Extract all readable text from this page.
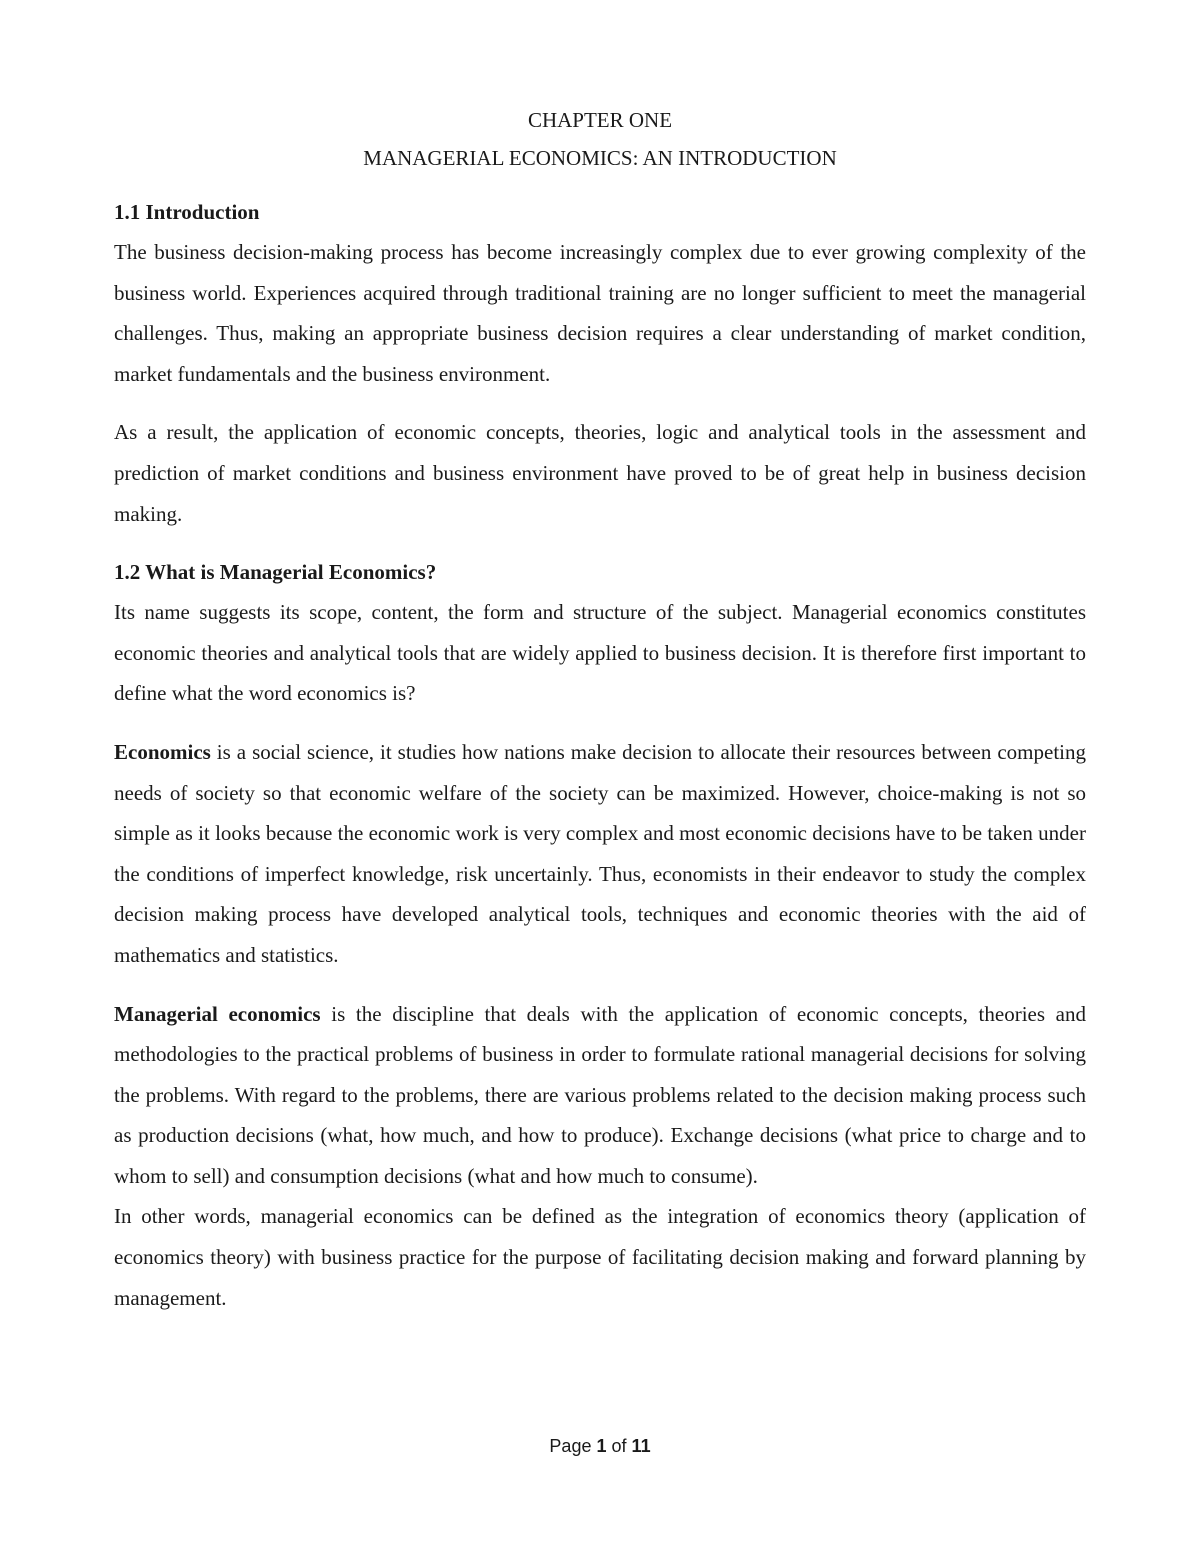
CHAPTER ONE
MANAGERIAL ECONOMICS: AN INTRODUCTION
1.1 Introduction

The business decision-making process has become increasingly complex due to ever growing complexity of the business world. Experiences acquired through traditional training are no longer sufficient to meet the managerial challenges. Thus, making an appropriate business decision requires a clear understanding of market condition, market fundamentals and the business environment.

As a result, the application of economic concepts, theories, logic and analytical tools in the assessment and prediction of market conditions and business environment have proved to be of great help in business decision making.

1.2 What is Managerial Economics?

Its name suggests its scope, content, the form and structure of the subject. Managerial economics constitutes economic theories and analytical tools that are widely applied to business decision. It is therefore first important to define what the word economics is?

Economics is a social science, it studies how nations make decision to allocate their resources between competing needs of society so that economic welfare of the society can be maximized. However, choice-making is not so simple as it looks because the economic work is very complex and most economic decisions have to be taken under the conditions of imperfect knowledge, risk uncertainly. Thus, economists in their endeavor to study the complex decision making process have developed analytical tools, techniques and economic theories with the aid of mathematics and statistics.

Managerial economics is the discipline that deals with the application of economic concepts, theories and methodologies to the practical problems of business in order to formulate rational managerial decisions for solving the problems. With regard to the problems, there are various problems related to the decision making process such as production decisions (what, how much, and how to produce). Exchange decisions (what price to charge and to whom to sell) and consumption decisions (what and how much to consume).

In other words, managerial economics can be defined as the integration of economics theory (application of economics theory) with business practice for the purpose of facilitating decision making and forward planning by management.

Page 1 of 11
